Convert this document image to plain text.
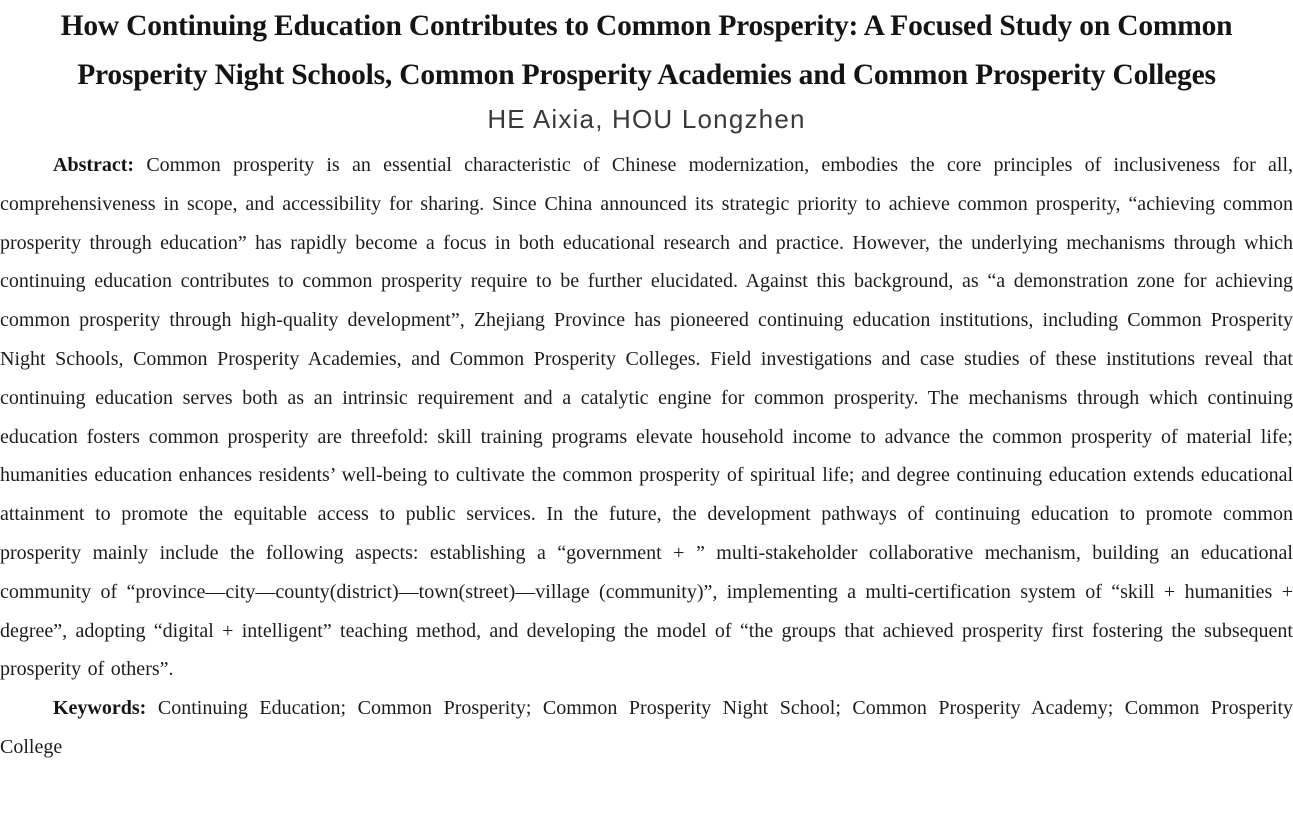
How Continuing Education Contributes to Common Prosperity: A Focused Study on Common
Prosperity Night Schools, Common Prosperity Academies and Common Prosperity Colleges
HE Aixia, HOU Longzhen

Abstract: Common prosperity is an essential characteristic of Chinese modernization, embodies the core principles of inclusiveness for all, comprehensiveness in scope, and accessibility for sharing. Since China announced its strategic priority to achieve common prosperity, “achieving common prosperity through education” has rapidly become a focus in both educational research and practice. However, the underlying mechanisms through which continuing education contributes to common prosperity require to be further elucidated. Against this background, as “a demonstration zone for achieving common prosperity through high-quality development”, Zhejiang Province has pioneered continuing education institutions, including Common Prosperity Night Schools, Common Prosperity Academies, and Common Prosperity Colleges. Field investigations and case studies of these institutions reveal that continuing education serves both as an intrinsic requirement and a catalytic engine for common prosperity. The mechanisms through which continuing education fosters common prosperity are threefold: skill training programs elevate household income to advance the common prosperity of material life; humanities education enhances residents’ well-being to cultivate the common prosperity of spiritual life; and degree continuing education extends educational attainment to promote the equitable access to public services. In the future, the development pathways of continuing education to promote common prosperity mainly include the following aspects: establishing a “government + ” multi-stakeholder collaborative mechanism, building an educational community of “province—city—county(district)—town(street)—village (community)”, implementing a multi-certification system of “skill + humanities + degree”, adopting “digital + intelligent” teaching method, and developing the model of “the groups that achieved prosperity first fostering the subsequent prosperity of others”.

Keywords: Continuing Education; Common Prosperity; Common Prosperity Night School; Common Prosperity Academy; Common Prosperity College
